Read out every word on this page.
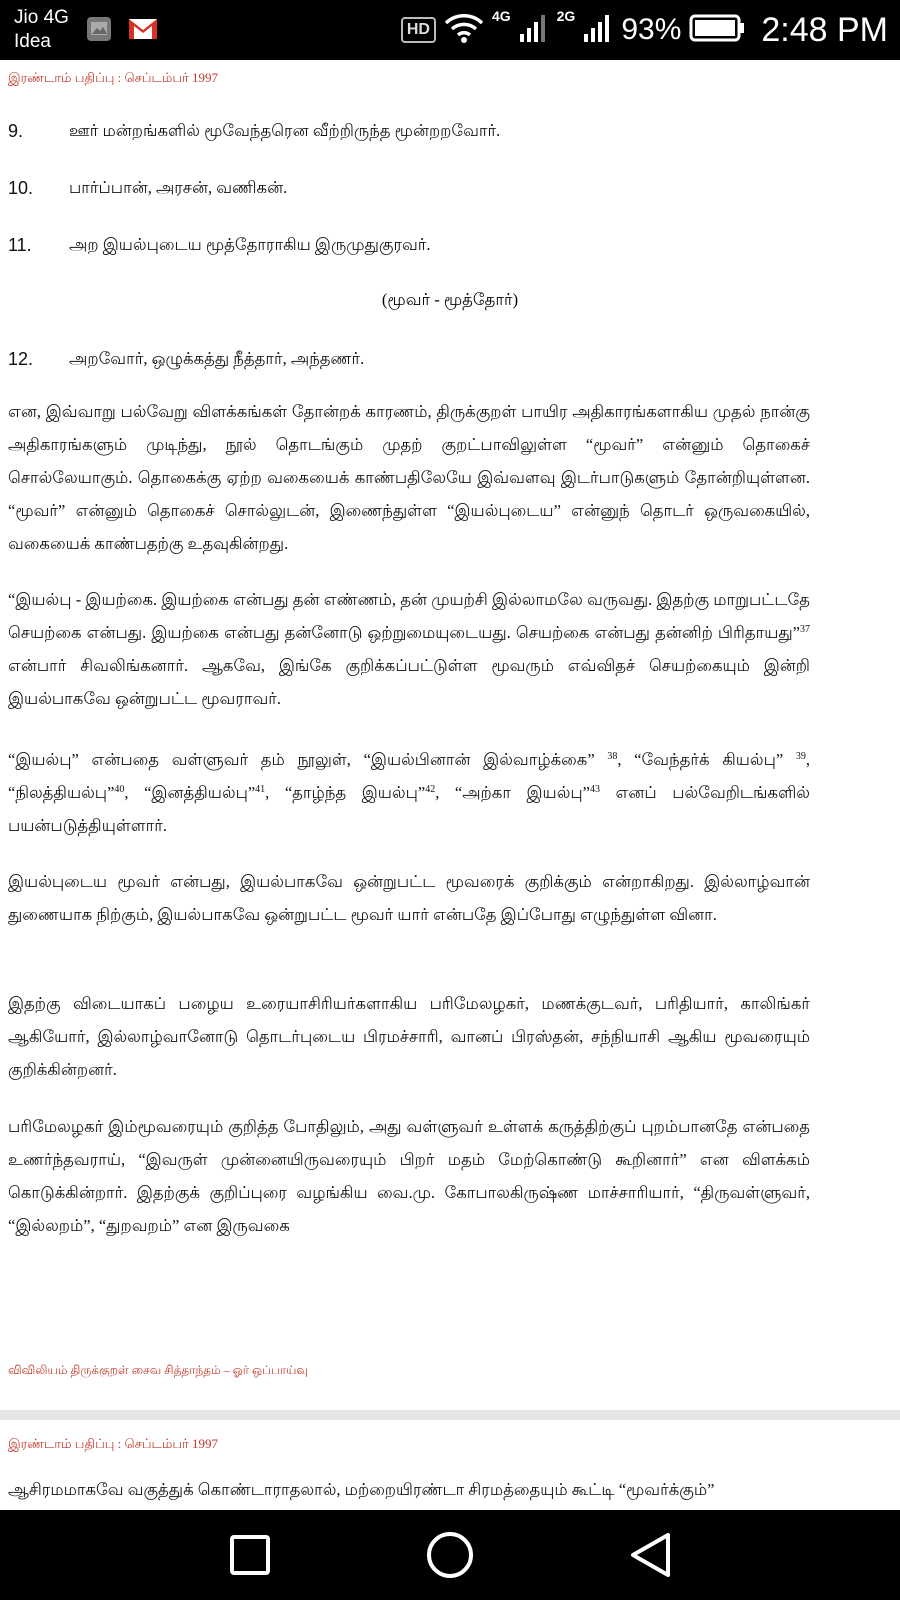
Jio 4G
Idea
HD
4G	2G 93% 2:48 PM
இரண்டாம் பதிப்பு : செப்டம்பர் 1997
9.	ஊர் மன்றங்களில் மூவேந்தரென வீற்றிருந்த மூன்றறவோர்.
10. பார்ப்பான், அரசன், வணிகன்.
11. அற இயல்புடைய மூத்தோராகிய இருமுதுகுரவர்.
(மூவர் - மூத்தோர்)
12. அறவோர், ஒழுக்கத்து நீத்தார், அந்தணர்.

என, இவ்வாறு பல்வேறு விளக்கங்கள் தோன்றக் காரணம், திருக்குறள் பாயிர அதிகாரங்களாகிய முதல் நான்கு அதிகாரங்களும் முடிந்து, நூல் தொடங்கும் முதற் குறட்பாவிலுள்ள “மூவர்” என்னும் தொகைச் சொல்லேயாகும். தொகைக்கு ஏற்ற வகையைக் காண்பதிலேயே இவ்வளவு இடர்பாடுகளும் தோன்றியுள்ளன. “மூவர்” என்னும் தொகைச் சொல்லுடன், இணைந்துள்ள “இயல்புடைய” என்னுந் தொடர் ஒருவகையில், வகையைக் காண்பதற்கு உதவுகின்றது.

“இயல்பு - இயற்கை. இயற்கை என்பது தன் எண்ணம், தன் முயற்சி இல்லாமலே வருவது. இதற்கு மாறுபட்டதே செயற்கை என்பது. இயற்கை என்பது தன்னோடு ஒற்றுமையுடையது. செயற்கை என்பது தன்னிற் பிரிதாயது”$^{37}$ என்பார் சிவலிங்கனார். ஆகவே, இங்கே குறிக்கப்பட்டுள்ள மூவரும் எவ்விதச் செயற்கையும் இன்றி இயல்பாகவே ஒன்றுபட்ட மூவராவர்.

“இயல்பு” என்பதை வள்ளுவர் தம் நூலுள், “இயல்பினான் இல்வாழ்க்கை” $^{38}$, “வேந்தர்க் கியல்பு” $^{39}$, “நிலத்தியல்பு”$^{40}$, “இனத்தியல்பு”$^{41}$, “தாழ்ந்த இயல்பு”$^{42}$, “அற்கா இயல்பு”$^{43}$ எனப் பல்வேறிடங்களில் பயன்படுத்தியுள்ளார்.

இயல்புடைய மூவர் என்பது, இயல்பாகவே ஒன்றுபட்ட மூவரைக் குறிக்கும் என்றாகிறது. இல்லாழ்வான் துணையாக நிற்கும், இயல்பாகவே ஒன்றுபட்ட மூவர் யார் என்பதே இப்போது எழுந்துள்ள வினா.

இதற்கு விடையாகப் பழைய உரையாசிரியர்களாகிய பரிமேலழகர், மணக்குடவர், பரிதியார், காலிங்கர் ஆகியோர், இல்லாழ்வானோடு தொடர்புடைய பிரமச்சாரி, வானப் பிரஸ்தன், சந்நியாசி ஆகிய மூவரையும் குறிக்கின்றனர்.

பரிமேலழகர் இம்மூவரையும் குறித்த போதிலும், அது வள்ளுவர் உள்ளக் கருத்திற்குப் புறம்பானதே என்பதை உணர்ந்தவராய், “இவருள் முன்னையிருவரையும் பிறர் மதம் மேற்கொண்டு கூறினார்” என விளக்கம் கொடுக்கின்றார். இதற்குக் குறிப்புரை வழங்கிய வை.மு. கோபாலகிருஷ்ண மாச்சாரியார், “திருவள்ளுவர், “இல்லறம்”, “துறவறம்” என இருவகை

விவிலியம் திருக்குறள் சைவ சித்தாந்தம் – ஓர் ஒப்பாய்வு
இரண்டாம் பதிப்பு : செப்டம்பர் 1997
ஆசிரமமாகவே வகுத்துக் கொண்டாராதலால், மற்றையிரண்டா சிரமத்தையும் கூட்டி “மூவர்க்கும்”
